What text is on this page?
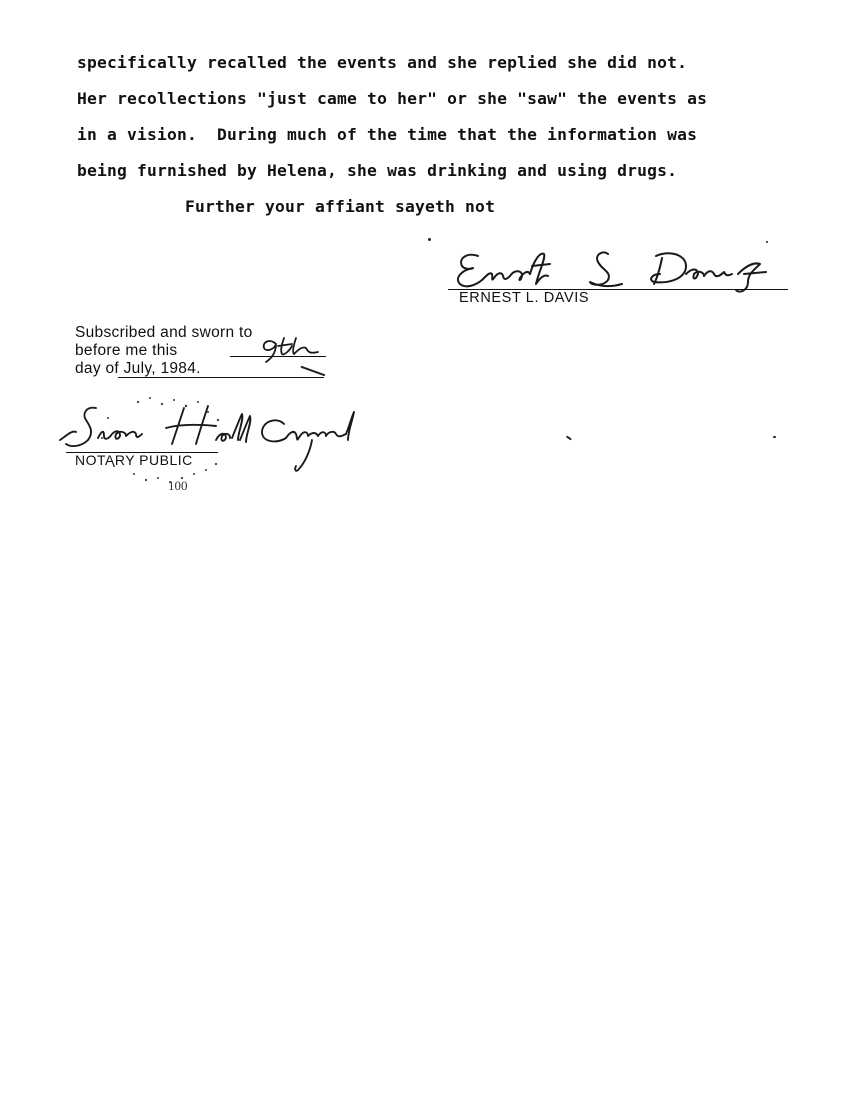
specifically recalled the events and she replied she did not.
Her recollections "just came to her" or she "saw" the events as
in a vision.  During much of the time that the information was
being furnished by Helena, she was drinking and using drugs.
Further your affiant sayeth not
ERNEST L. DAVIS
Subscribed and sworn to
before me this
day of July, 1984.
100
NOTARY PUBLIC
